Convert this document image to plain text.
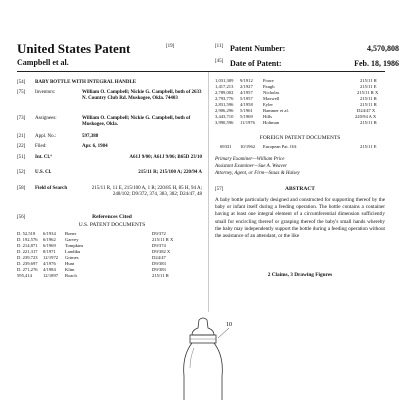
United States Patent	[19]
Campbell et al.
[11] Patent Number:	4,570,808
[45] Date of Patent:	Feb. 18, 1986
[54] BABY BOTTLE WITH INTEGRAL HANDLE
[75] Inventors:	William O. Campbell; Nickie G. Campbell, both of 2633 N. Country Club Rd. Muskogee, Okla. 74403
[73] Assignees:	William O. Campbell; Nickie G. Campbell, both of Muskogee, Okla.
[21] Appl. No.:	597,388
[22] Filed:	Apr. 6, 1984
[51] Int. Cl.⁴	A61J 9/00; A61J 9/06; B65D 23/10
[52] U.S. Cl.	215/11 R; 215/100 A; 220/94 A
[58] Field of Search	215/11 R, 11 E, 215/100 A, 1 R; 220/85 H, 85 H, 94 A; 248/102; D9/372, 374, 383, 382; D24/47, 48
[56]	References Cited
U.S. PATENT DOCUMENTS
D. 52,518 6/1934 Boner	D9/372
D. 192,576 6/1962 Garvey	215/11 R X
D. 214,871 6/1969 Tompkins	D9/374
D. 221,317 8/1971 Landiku	D9/382 X
D. 239,723 12/1972 Grimes	D24/47
D. 239,697 4/1976 Hunt	D9/383
D. 271,276 4/1984 Klim	D9/383
595,414 12/1897 Roach	215/11 R
1,031,309 9/1912 Poore	215/11 R
1,417,213 2/1927 Paugh	215/11 E
2,789,002 4/1957 Nicholas	215/11 R X
2,793,776 5/1957 Maxwell	215/11 R
2,831,596 4/1958 Eyler	215/11 R
2,906,296 5/1961 Bammer et al.	D24/47 X
3,443,710 5/1969 Hills	220/94 A X
3,990,596 11/1976 Holtman	215/11 R
FOREIGN PATENT DOCUMENTS
69331 10/1962 European Pat. Off.	215/11 E
Primary Examiner—William Price
Assistant Examiner—Sue A. Weaver
Attorney, Agent, or Firm—Staas & Halsey
[57]	ABSTRACT
A baby bottle particularly designed and constructed for supporting thereof by the baby or infant itself during a feeding operation. The bottle contains a container having at least one integral element of a circumferential dimension sufficiently small for encircling thereof or grasping thereof the baby's small hands whereby the baby may independently support the bottle during a feeding operation without the assistance of an attendant, or the like
2 Claims, 3 Drawing Figures
10
